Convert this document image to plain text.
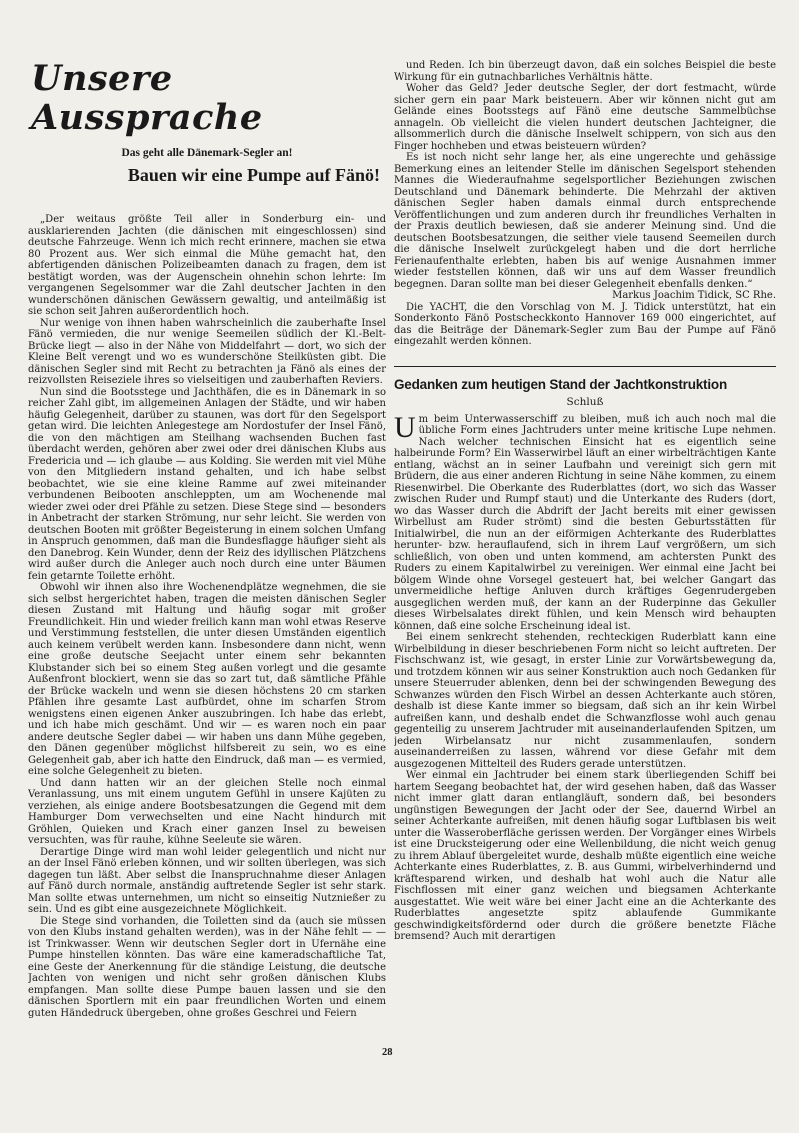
Unsere Aussprache
Das geht alle Dänemark-Segler an!
Bauen wir eine Pumpe auf Fänö!

„Der weitaus größte Teil aller in Sonderburg ein- und ausklarierenden Jachten (die dänischen mit eingeschlossen) sind deutsche Fahrzeuge. Wenn ich mich recht erinnere, machen sie etwa 80 Prozent aus. Wer sich einmal die Mühe gemacht hat, den abfertigenden dänischen Polizeibeamten danach zu fragen, dem ist bestätigt worden, was der Augenschein ohnehin schon lehrte: Im vergangenen Segelsommer war die Zahl deutscher Jachten in den wunderschönen dänischen Gewässern gewaltig, und anteilmäßig ist sie schon seit Jahren außerordentlich hoch.

Nur wenige von ihnen haben wahrscheinlich die zauberhafte Insel Fänö vermieden, die nur wenige Seemeilen südlich der Kl.-Belt-Brücke liegt — also in der Nähe von Middelfahrt — dort, wo sich der Kleine Belt verengt und wo es wunderschöne Steilküsten gibt. Die dänischen Segler sind mit Recht zu betrachten ja Fänö als eines der reizvollsten Reiseziele ihres so vielseitigen und zauberhaften Reviers.

Nun sind die Bootsstege und Jachthäfen, die es in Dänemark in so reicher Zahl gibt, im allgemeinen Anlagen der Städte, und wir haben häufig Gelegenheit, darüber zu staunen, was dort für den Segelsport getan wird. Die leichten Anlegestege am Nordostufer der Insel Fänö, die von den mächtigen am Steilhang wachsenden Buchen fast überdacht werden, gehören aber zwei oder drei dänischen Klubs aus Fredericia und — ich glaube — aus Kolding. Sie werden mit viel Mühe von den Mitgliedern instand gehalten, und ich habe selbst beobachtet, wie sie eine kleine Ramme auf zwei miteinander verbundenen Beibooten anschleppten, um am Wochenende mal wieder zwei oder drei Pfähle zu setzen. Diese Stege sind — besonders in Anbetracht der starken Strömung, nur sehr leicht. Sie werden von deutschen Booten mit größter Begeisterung in einem solchen Umfang in Anspruch genommen, daß man die Bundesflagge häufiger sieht als den Danebrog. Kein Wunder, denn der Reiz des idyllischen Plätzchens wird außer durch die Anleger auch noch durch eine unter Bäumen fein getarnte Toilette erhöht.

Obwohl wir ihnen also ihre Wochenendplätze wegnehmen, die sie sich selbst hergerichtet haben, tragen die meisten dänischen Segler diesen Zustand mit Haltung und häufig sogar mit großer Freundlichkeit. Hin und wieder freilich kann man wohl etwas Reserve und Verstimmung feststellen, die unter diesen Umständen eigentlich auch keinem verübelt werden kann. Insbesondere dann nicht, wenn eine große deutsche Seejacht unter einem sehr bekannten Klubstander sich bei so einem Steg außen vorlegt und die gesamte Außenfront blockiert, wenn sie das so zart tut, daß sämtliche Pfähle der Brücke wackeln und wenn sie diesen höchstens 20 cm starken Pfählen ihre gesamte Last aufbürdet, ohne im scharfen Strom wenigstens einen eigenen Anker auszubringen. Ich habe das erlebt, und ich habe mich geschämt. Und wir — es waren noch ein paar andere deutsche Segler dabei — wir haben uns dann Mühe gegeben, den Dänen gegenüber möglichst hilfsbereit zu sein, wo es eine Gelegenheit gab, aber ich hatte den Eindruck, daß man — es vermied, eine solche Gelegenheit zu bieten.

Und dann hatten wir an der gleichen Stelle noch einmal Veranlassung, uns mit einem ungutem Gefühl in unsere Kajüten zu verziehen, als einige andere Bootsbesatzungen die Gegend mit dem Hamburger Dom verwechselten und eine Nacht hindurch mit Gröhlen, Quieken und Krach einer ganzen Insel zu beweisen versuchten, was für rauhe, kühne Seeleute sie wären.

Derartige Dinge wird man wohl leider gelegentlich und nicht nur an der Insel Fänö erleben können, und wir sollten überlegen, was sich dagegen tun läßt. Aber selbst die Inanspruchnahme dieser Anlagen auf Fänö durch normale, anständig auftretende Segler ist sehr stark. Man sollte etwas unternehmen, um nicht so einseitig Nutznießer zu sein. Und es gibt eine ausgezeichnete Möglichkeit.

Die Stege sind vorhanden, die Toiletten sind da (auch sie müssen von den Klubs instand gehalten werden), was in der Nähe fehlt — — ist Trinkwasser. Wenn wir deutschen Segler dort in Ufernähe eine Pumpe hinstellen könnten. Das wäre eine kameradschaftliche Tat, eine Geste der Anerkennung für die ständige Leistung, die deutsche Jachten von wenigen und nicht sehr großen dänischen Klubs empfangen. Man sollte diese Pumpe bauen lassen und sie den dänischen Sportlern mit ein paar freundlichen Worten und einem guten Händedruck übergeben, ohne großes Geschrei und Feiern

und Reden. Ich bin überzeugt davon, daß ein solches Beispiel die beste Wirkung für ein gutnachbarliches Verhältnis hätte.

Woher das Geld? Jeder deutsche Segler, der dort festmacht, würde sicher gern ein paar Mark beisteuern. Aber wir können nicht gut am Gelände eines Bootsstegs auf Fänö eine deutsche Sammelbüchse annageln. Ob vielleicht die vielen hundert deutschen Jachteigner, die allsommerlich durch die dänische Inselwelt schippern, von sich aus den Finger hochheben und etwas beisteuern würden?

Es ist noch nicht sehr lange her, als eine ungerechte und gehässige Bemerkung eines an leitender Stelle im dänischen Segelsport stehenden Mannes die Wiederaufnahme segelsportlicher Beziehungen zwischen Deutschland und Dänemark behinderte. Die Mehrzahl der aktiven dänischen Segler haben damals einmal durch entsprechende Veröffentlichungen und zum anderen durch ihr freundliches Verhalten in der Praxis deutlich bewiesen, daß sie anderer Meinung sind. Und die deutschen Bootsbesatzungen, die seither viele tausend Seemeilen durch die dänische Inselwelt zurückgelegt haben und die dort herrliche Ferienaufenthalte erlebten, haben bis auf wenige Ausnahmen immer wieder feststellen können, daß wir uns auf dem Wasser freundlich begegnen. Daran sollte man bei dieser Gelegenheit ebenfalls denken.“

Markus Joachim Tidick, SC Rhe.

Die YACHT, die den Vorschlag von M. J. Tidick unterstützt, hat ein Sonderkonto Fänö Postscheckkonto Hannover 169 000 eingerichtet, auf das die Beiträge der Dänemark-Segler zum Bau der Pumpe auf Fänö eingezahlt werden können.

Gedanken zum heutigen Stand der Jachtkonstruktion
Schluß

Um beim Unterwasserschiff zu bleiben, muß ich auch noch mal die übliche Form eines Jachtruders unter meine kritische Lupe nehmen. Nach welcher technischen Einsicht hat es eigentlich seine halbeirunde Form? Ein Wasserwirbel läuft an einer wirbelträchtigen Kante entlang, wächst an in seiner Laufbahn und vereinigt sich gern mit Brüdern, die aus einer anderen Richtung in seine Nähe kommen, zu einem Riesenwirbel. Die Oberkante des Ruderblattes (dort, wo sich das Wasser zwischen Ruder und Rumpf staut) und die Unterkante des Ruders (dort, wo das Wasser durch die Abdrift der Jacht bereits mit einer gewissen Wirbellust am Ruder strömt) sind die besten Geburtsstätten für Initialwirbel, die nun an der eiförmigen Achterkante des Ruderblattes herunter- bzw. herauflaufend, sich in ihrem Lauf vergrößern, um sich schließlich, von oben und unten kommend, am achtersten Punkt des Ruders zu einem Kapitalwirbel zu vereinigen. Wer einmal eine Jacht bei bölgem Winde ohne Vorsegel gesteuert hat, bei welcher Gangart das unvermeidliche heftige Anluven durch kräftiges Gegenrudergeben ausgeglichen werden muß, der kann an der Ruderpinne das Gekuller dieses Wirbelsalates direkt fühlen, und kein Mensch wird behaupten können, daß eine solche Erscheinung ideal ist.

Bei einem senkrecht stehenden, rechteckigen Ruderblatt kann eine Wirbelbildung in dieser beschriebenen Form nicht so leicht auftreten. Der Fischschwanz ist, wie gesagt, in erster Linie zur Vorwärtsbewegung da, und trotzdem können wir aus seiner Konstruktion auch noch Gedanken für unsere Steuerruder ablenken, denn bei der schwingenden Bewegung des Schwanzes würden den Fisch Wirbel an dessen Achterkante auch stören, deshalb ist diese Kante immer so biegsam, daß sich an ihr kein Wirbel aufreißen kann, und deshalb endet die Schwanzflosse wohl auch genau gegenteilig zu unserem Jachtruder mit auseinanderlaufenden Spitzen, um jeden Wirbelansatz nur nicht zusammenlaufen, sondern auseinanderreißen zu lassen, während vor diese Gefahr mit dem ausgezogenen Mittelteil des Ruders gerade unterstützen.

Wer einmal ein Jachtruder bei einem stark überliegenden Schiff bei hartem Seegang beobachtet hat, der wird gesehen haben, daß das Wasser nicht immer glatt daran entlangläuft, sondern daß, bei besonders ungünstigen Bewegungen der Jacht oder der See, dauernd Wirbel an seiner Achterkante aufreißen, mit denen häufig sogar Luftblasen bis weit unter die Wasseroberfläche gerissen werden. Der Vorgänger eines Wirbels ist eine Drucksteigerung oder eine Wellenbildung, die nicht weich genug zu ihrem Ablauf übergeleitet wurde, deshalb müßte eigentlich eine weiche Achterkante eines Ruderblattes, z. B. aus Gummi, wirbelverhindernd und kräftesparend wirken, und deshalb hat wohl auch die Natur alle Fischflossen mit einer ganz weichen und biegsamen Achterkante ausgestattet. Wie weit wäre bei einer Jacht eine an die Achterkante des Ruderblattes angesetzte spitz ablaufende Gummikante geschwindigkeitsfördernd oder durch die größere benetzte Fläche bremsend? Auch mit derartigen

28
